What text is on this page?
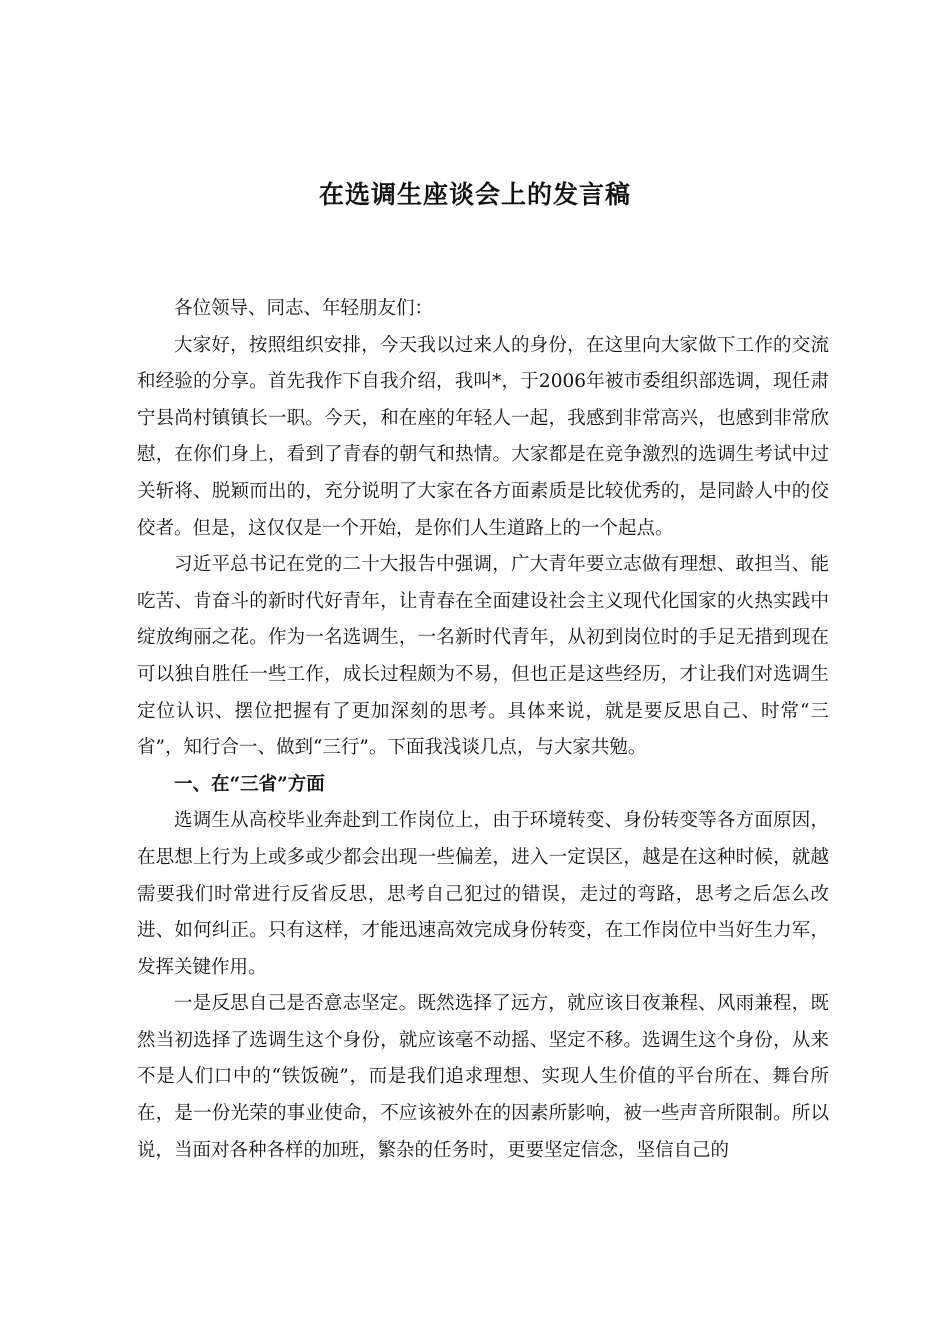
在选调生座谈会上的发言稿

各位领导、同志、年轻朋友们：

大家好，按照组织安排，今天我以过来人的身份，在这里向大家做下工作的交流和经验的分享。首先我作下自我介绍，我叫*，于2006年被市委组织部选调，现任肃宁县尚村镇镇长一职。今天，和在座的年轻人一起，我感到非常高兴，也感到非常欣慰，在你们身上，看到了青春的朝气和热情。大家都是在竞争激烈的选调生考试中过关斩将、脱颖而出的，充分说明了大家在各方面素质是比较优秀的，是同龄人中的佼佼者。但是，这仅仅是一个开始，是你们人生道路上的一个起点。

习近平总书记在党的二十大报告中强调，广大青年要立志做有理想、敢担当、能吃苦、肯奋斗的新时代好青年，让青春在全面建设社会主义现代化国家的火热实践中绽放绚丽之花。作为一名选调生，一名新时代青年，从初到岗位时的手足无措到现在可以独自胜任一些工作，成长过程颇为不易，但也正是这些经历，才让我们对选调生定位认识、摆位把握有了更加深刻的思考。具体来说，就是要反思自己、时常“三省”，知行合一、做到“三行”。下面我浅谈几点，与大家共勉。

一、在“三省”方面

选调生从高校毕业奔赴到工作岗位上，由于环境转变、身份转变等各方面原因，在思想上行为上或多或少都会出现一些偏差，进入一定误区，越是在这种时候，就越需要我们时常进行反省反思，思考自己犯过的错误，走过的弯路，思考之后怎么改进、如何纠正。只有这样，才能迅速高效完成身份转变，在工作岗位中当好生力军，发挥关键作用。

一是反思自己是否意志坚定。既然选择了远方，就应该日夜兼程、风雨兼程，既然当初选择了选调生这个身份，就应该毫不动摇、坚定不移。选调生这个身份，从来不是人们口中的“铁饭碗”，而是我们追求理想、实现人生价值的平台所在、舞台所在，是一份光荣的事业使命，不应该被外在的因素所影响，被一些声音所限制。所以说，当面对各种各样的加班，繁杂的任务时，更要坚定信念，坚信自己的
